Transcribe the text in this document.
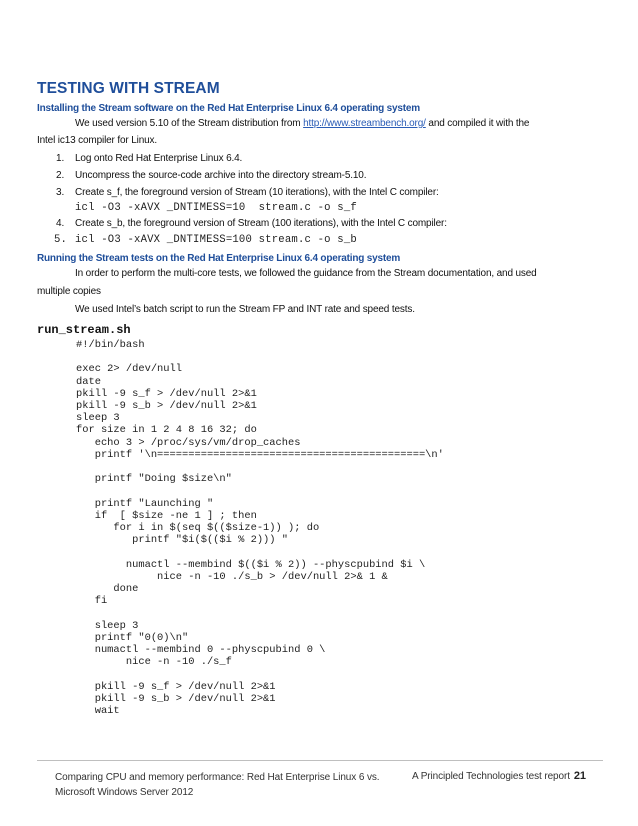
TESTING WITH STREAM
Installing the Stream software on the Red Hat Enterprise Linux 6.4 operating system
We used version 5.10 of the Stream distribution from http://www.streambench.org/ and compiled it with the
Intel ic13 compiler for Linux.
1. Log onto Red Hat Enterprise Linux 6.4.
2. Uncompress the source-code archive into the directory stream-5.10.
3. Create s_f, the foreground version of Stream (10 iterations), with the Intel C compiler:
icl -O3 -xAVX _DNTIMESS=10  stream.c -o s_f
4. Create s_b, the foreground version of Stream (100 iterations), with the Intel C compiler:
5. icl -O3 -xAVX _DNTIMESS=100 stream.c -o s_b
Running the Stream tests on the Red Hat Enterprise Linux 6.4 operating system
In order to perform the multi-core tests, we followed the guidance from the Stream documentation, and used
multiple copies
We used Intel’s batch script to run the Stream FP and INT rate and speed tests.
run_stream.sh
#!/bin/bash

exec 2> /dev/null
date
pkill -9 s_f > /dev/null 2>&1
pkill -9 s_b > /dev/null 2>&1
sleep 3
for size in 1 2 4 8 16 32; do
echo 3 > /proc/sys/vm/drop_caches
printf '\n===========================================\n'

printf "Doing $size\n"

printf "Launching "
if  [ $size -ne 1 ] ; then
for i in $(seq $(($size-1)) ); do
printf "$i($(($i % 2))) "

numactl --membind $(($i % 2)) --physcpubind $i \
nice -n -10 ./s_b > /dev/null 2>& 1 &
done
fi

sleep 3
printf "0(0)\n"
numactl --membind 0 --physcpubind 0 \
nice -n -10 ./s_f

pkill -9 s_f > /dev/null 2>&1
pkill -9 s_b > /dev/null 2>&1
wait
Comparing CPU and memory performance: Red Hat Enterprise Linux 6 vs. Microsoft Windows Server 2012
A Principled Technologies test report 21
